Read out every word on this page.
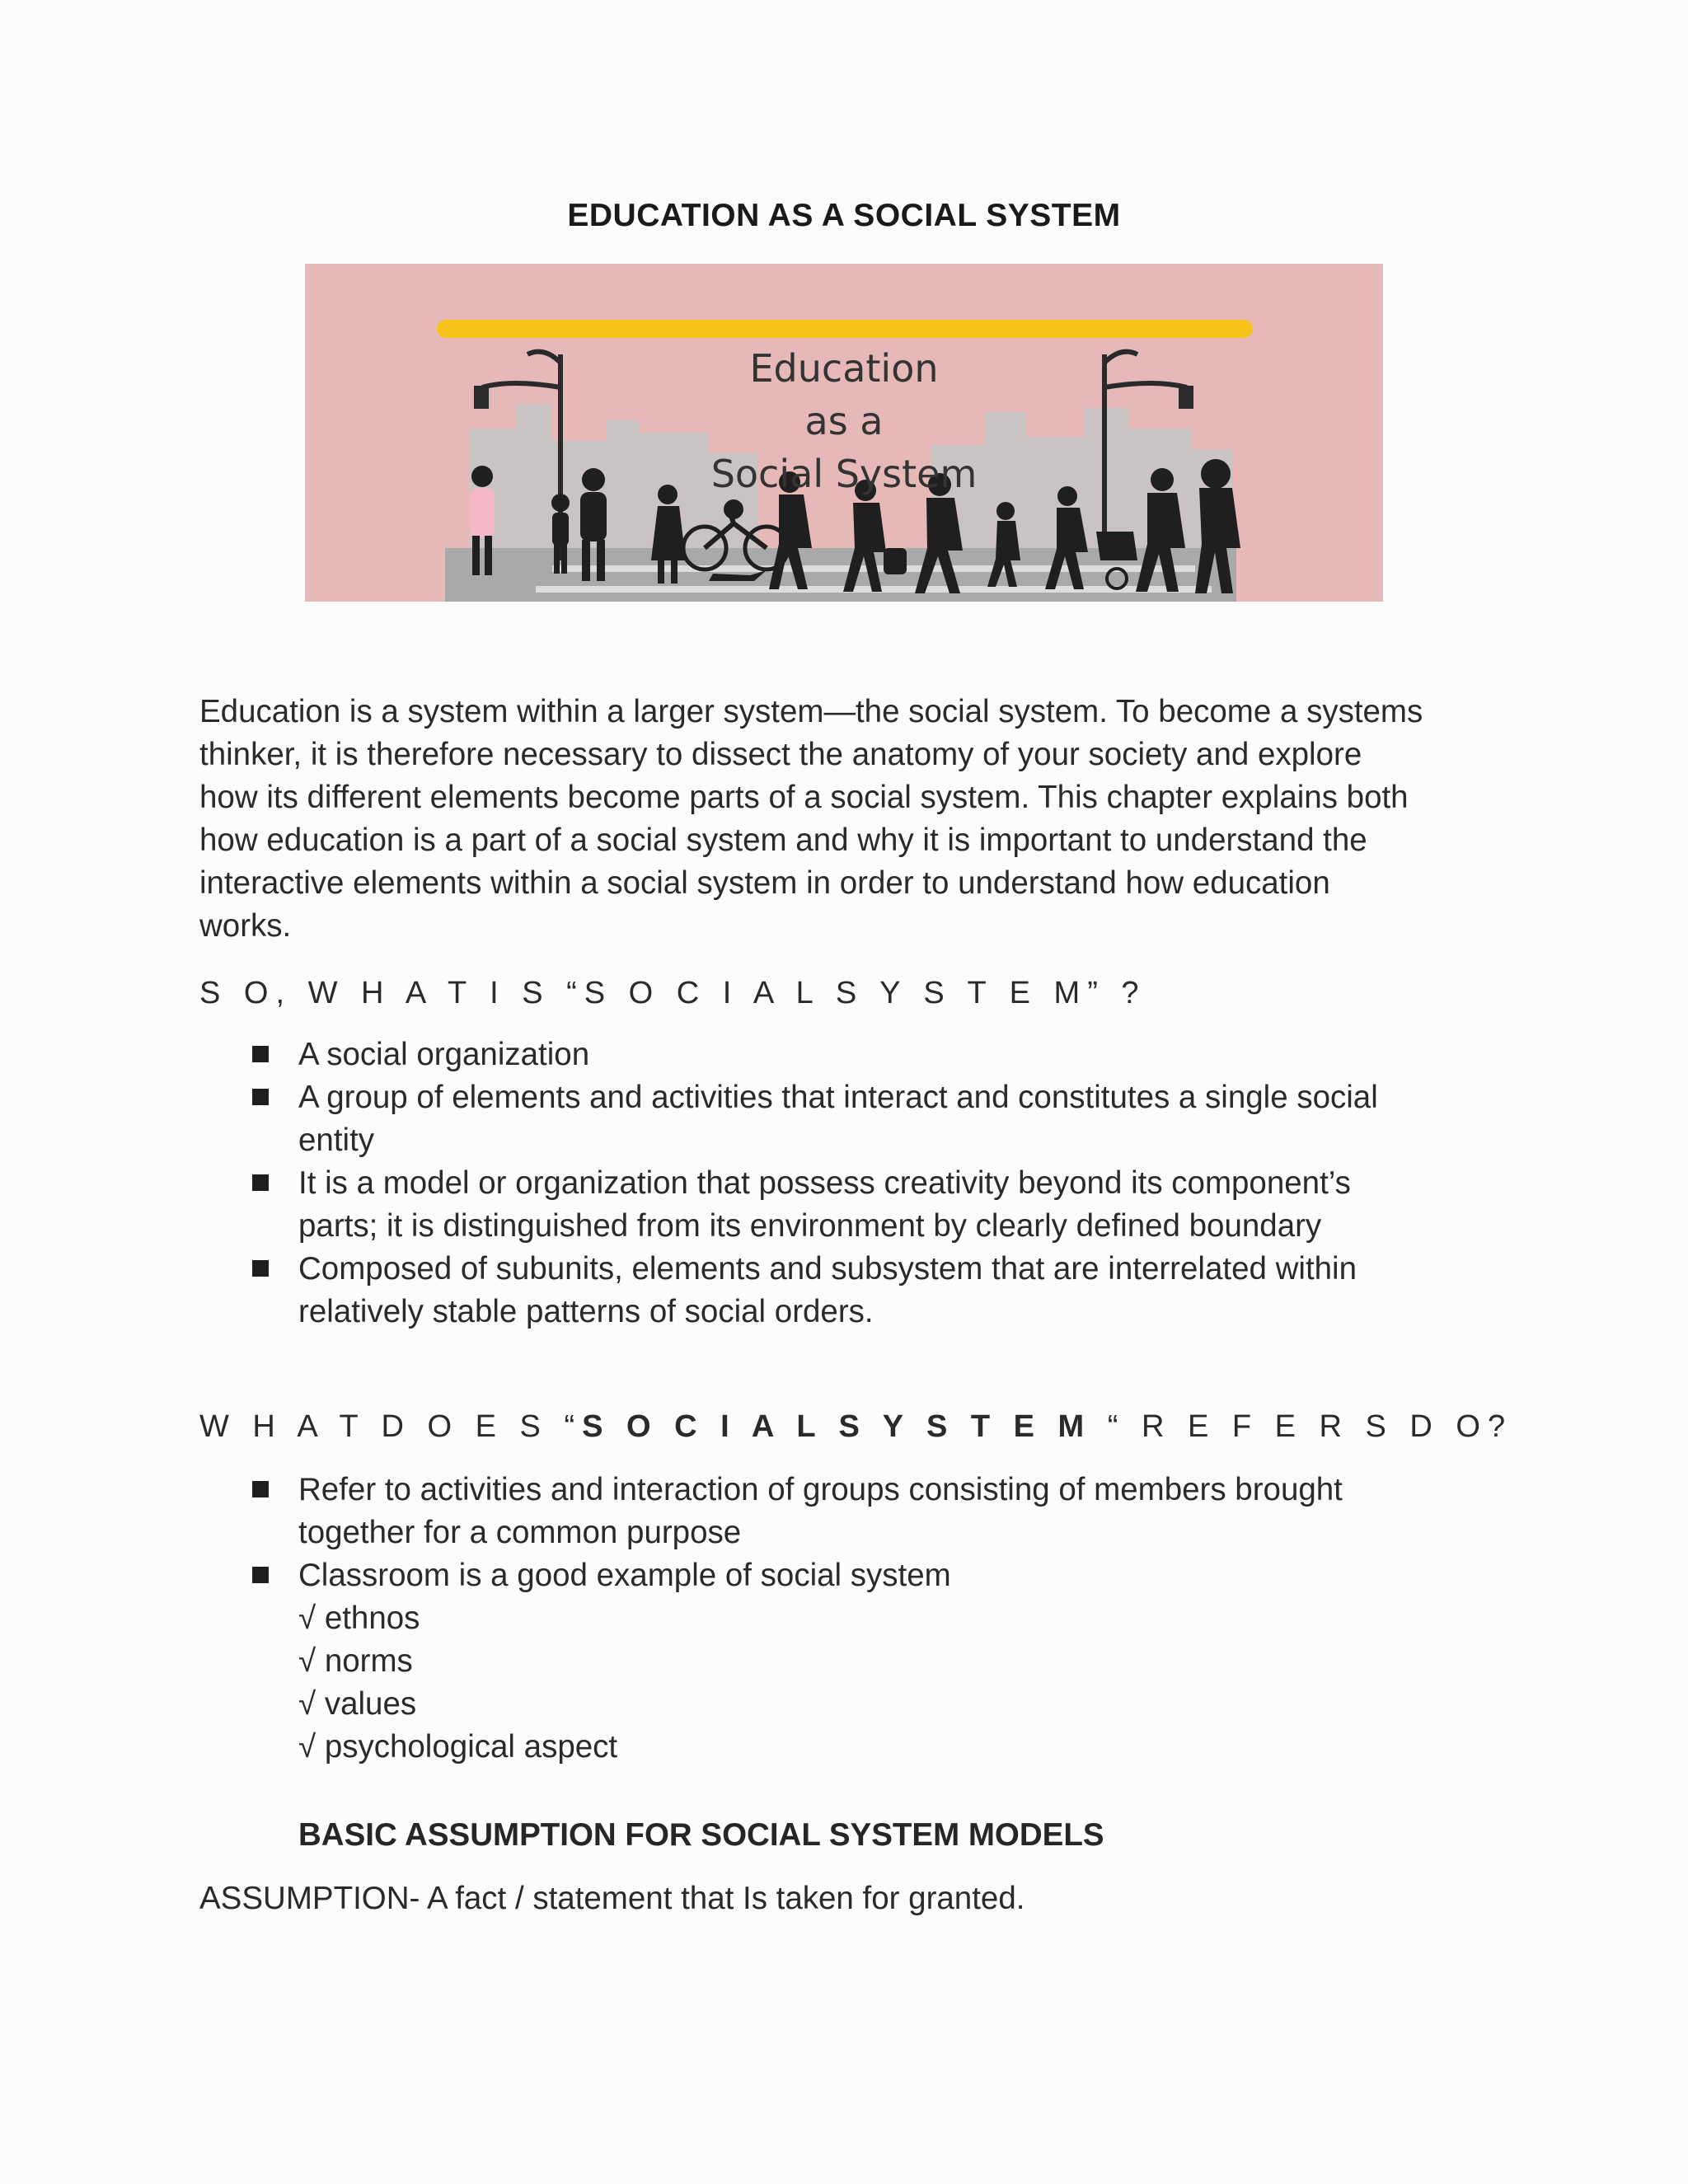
EDUCATION AS A SOCIAL SYSTEM
Education
as a
Social System
Education is a system within a larger system—the social system. To become a systems
thinker, it is therefore necessary to dissect the anatomy of your society and explore
how its different elements become parts of a social system. This chapter explains both
how education is a part of a social system and why it is important to understand the
interactive elements within a social system in order to understand how education
works.
S O, W H A T I S “S O C I A L S Y S T E M” ?
A social organization
A group of elements and activities that interact and constitutes a single social
entity
It is a model or organization that possess creativity beyond its component’s
parts; it is distinguished from its environment by clearly defined boundary
Composed of subunits, elements and subsystem that are interrelated within
relatively stable patterns of social orders.
W H A T D O E S “S O C I A L S Y S T E M “ R E F E R S D O?
Refer to activities and interaction of groups consisting of members brought
together for a common purpose
Classroom is a good example of social system
√ ethnos
√ norms
√ values
√ psychological aspect
BASIC ASSUMPTION FOR SOCIAL SYSTEM MODELS
ASSUMPTION- A fact / statement that Is taken for granted.
